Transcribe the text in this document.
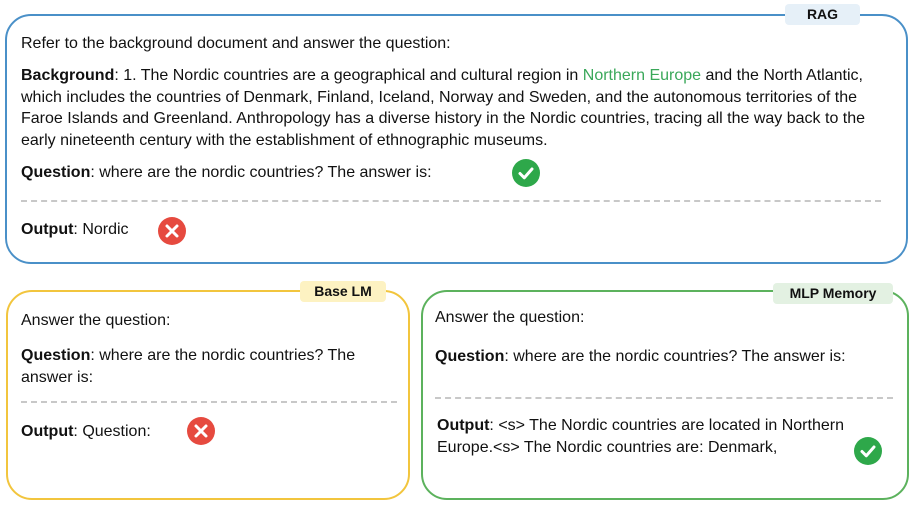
RAG
Refer to the background document and answer the question:
Background: 1. The Nordic countries are a geographical and cultural region in Northern Europe and the North Atlantic, which includes the countries of Denmark, Finland, Iceland, Norway and Sweden, and the autonomous territories of the Faroe Islands and Greenland. Anthropology has a diverse history in the Nordic countries, tracing all the way back to the early nineteenth century with the establishment of ethnographic museums.
Question: where are the nordic countries? The answer is:
Output: Nordic
Base LM
Answer the question:
Question: where are the nordic countries? The
answer is:
Output: Question:
MLP Memory
Answer the question:
Question: where are the nordic countries? The answer is:
Output: <s> The Nordic countries are located in Northern
Europe.<s> The Nordic countries are: Denmark,
